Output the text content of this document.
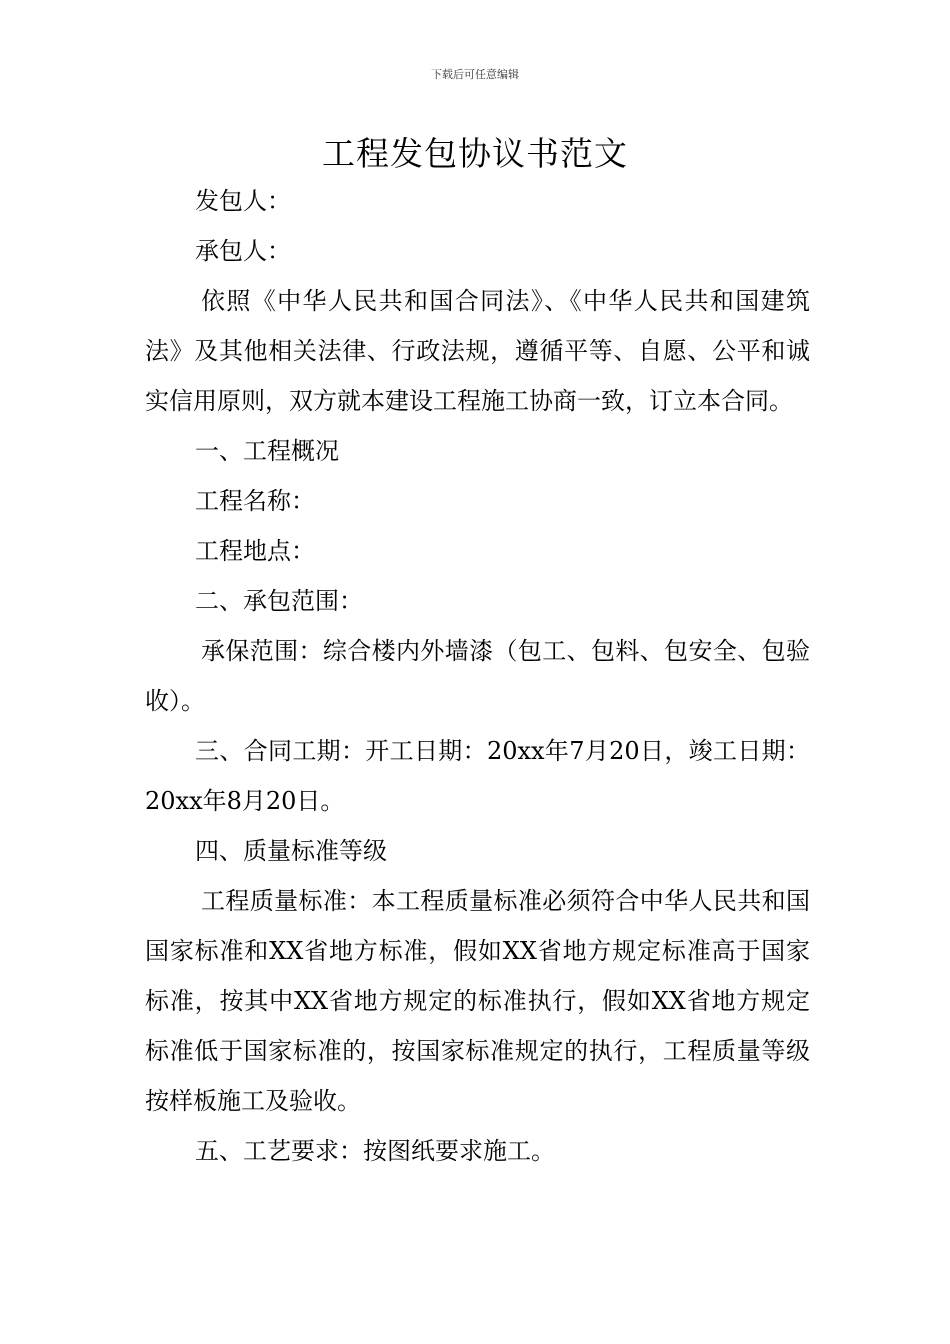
下载后可任意编辑
工程发包协议书范文

发包人：

承包人：

依照《中华人民共和国合同法》、《中华人民共和国建筑法》及其他相关法律、行政法规，遵循平等、自愿、公平和诚实信用原则，双方就本建设工程施工协商一致，订立本合同。

一、工程概况

工程名称：

工程地点：

二、承包范围：

承保范围：综合楼内外墙漆（包工、包料、包安全、包验收）。

三、合同工期：开工日期：20xx年7月20日，竣工日期：20xx年8月20日。

四、质量标准等级

工程质量标准：本工程质量标准必须符合中华人民共和国国家标准和XX省地方标准，假如XX省地方规定标准高于国家标准，按其中XX省地方规定的标准执行，假如XX省地方规定标准低于国家标准的，按国家标准规定的执行，工程质量等级按样板施工及验收。

五、工艺要求：按图纸要求施工。
